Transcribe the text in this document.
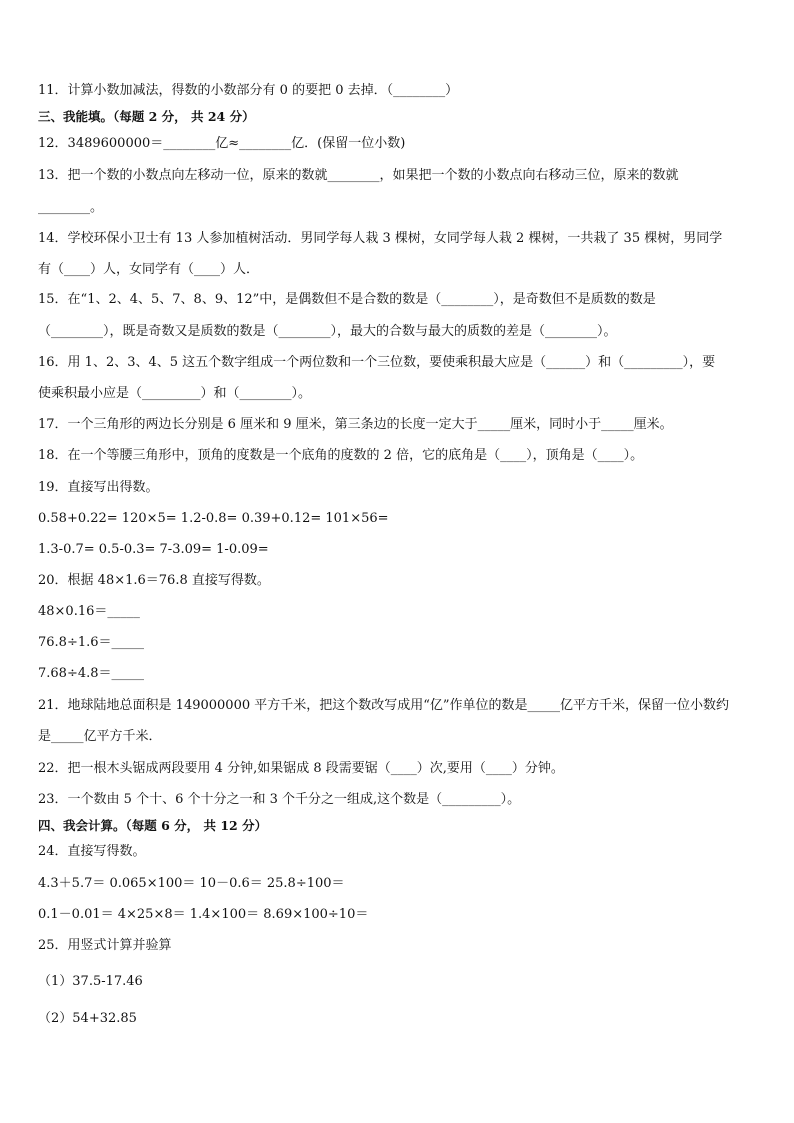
11．计算小数加减法，得数的小数部分有 0 的要把 0 去掉．（________）
三、我能填。（每题 2 分， 共 24 分）
12．3489600000＝________亿≈________亿．(保留一位小数)
13．把一个数的小数点向左移动一位，原来的数就________，如果把一个数的小数点向右移动三位，原来的数就
________。
14．学校环保小卫士有 13 人参加植树活动．男同学每人栽 3 棵树，女同学每人栽 2 棵树，一共栽了 35 棵树，男同学
有（____）人，女同学有（____）人．
15．在“1、2、4、5、7、8、9、12”中，是偶数但不是合数的数是（________），是奇数但不是质数的数是
（________），既是奇数又是质数的数是（________），最大的合数与最大的质数的差是（________）。
16．用 1、2、3、4、5 这五个数字组成一个两位数和一个三位数，要使乘积最大应是（______）和（_________），要
使乘积最小应是（_________）和（________）。
17．一个三角形的两边长分别是 6 厘米和 9 厘米，第三条边的长度一定大于_____厘米，同时小于_____厘米。
18．在一个等腰三角形中，顶角的度数是一个底角的度数的 2 倍，它的底角是（____），顶角是（____）。
19．直接写出得数。
0.58+0.22= 120×5= 1.2-0.8= 0.39+0.12= 101×56=
1.3-0.7= 0.5-0.3= 7-3.09= 1-0.09=
20．根据 48×1.6＝76.8 直接写得数。
48×0.16＝_____
76.8÷1.6＝_____
7.68÷4.8＝_____
21．地球陆地总面积是 149000000 平方千米，把这个数改写成用“亿”作单位的数是_____亿平方千米，保留一位小数约
是_____亿平方千米．
22．把一根木头锯成两段要用 4 分钟,如果锯成 8 段需要锯（____）次,要用（____）分钟。
23．一个数由 5 个十、6 个十分之一和 3 个千分之一组成,这个数是（_________）。
四、我会计算。（每题 6 分， 共 12 分）
24．直接写得数。
4.3＋5.7＝ 0.065×100＝ 10－0.6＝ 25.8÷100＝
0.1－0.01＝ 4×25×8＝ 1.4×100＝ 8.69×100÷10＝
25．用竖式计算并验算
（1）37.5-17.46
（2）54+32.85
